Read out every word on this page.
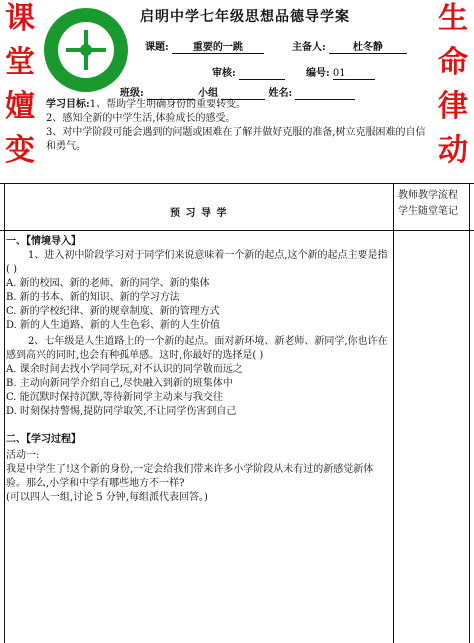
课
堂
嬗
变
生
命
律
动
启明中学七年级思想品德导学案
课题: 重要的一跳	主备人:	杜冬静
审核:	编号: 01
班级:	小组	姓名:
学习目标:1、帮助学生明确身份的重要转变。
2、感知全新的中学生活,体验成长的感受。
3、对中学阶段可能会遇到的问题或困难在了解并做好克服的准备,树立克服困难的自信和勇气。
预 习 导 学
教师教学流程
学生随堂笔记
一、【情境导入】
1、进入初中阶段学习对于同学们来说意味着一个新的起点,这个新的起点主要是指( )
A. 新的校园、新的老师、新的同学、新的集体
B. 新的书本、新的知识、新的学习方法
C. 新的学校纪律、新的规章制度、新的管理方式
D. 新的人生道路、新的人生色彩、新的人生价值
2、七年级是人生道路上的一个新的起点。面对新环境、新老师、新同学,你也许在感到高兴的同时,也会有种孤单感。这时,你最好的选择是( )
A. 课余时间去找小学同学玩,对不认识的同学敬而远之
B. 主动向新同学介绍自己,尽快融入到新的班集体中
C. 能沉默时保持沉默,等待新同学主动来与我交往
D. 时刻保持警惕,提防同学取笑,不让同学伤害到自己
二、【学习过程】
活动一:
我是中学生了!这个新的身份,一定会给我们带来许多小学阶段从未有过的新感觉新体验。那么,小学和中学有哪些地方不一样?
(可以四人一组,讨论 5 分钟,每组派代表回答。)
